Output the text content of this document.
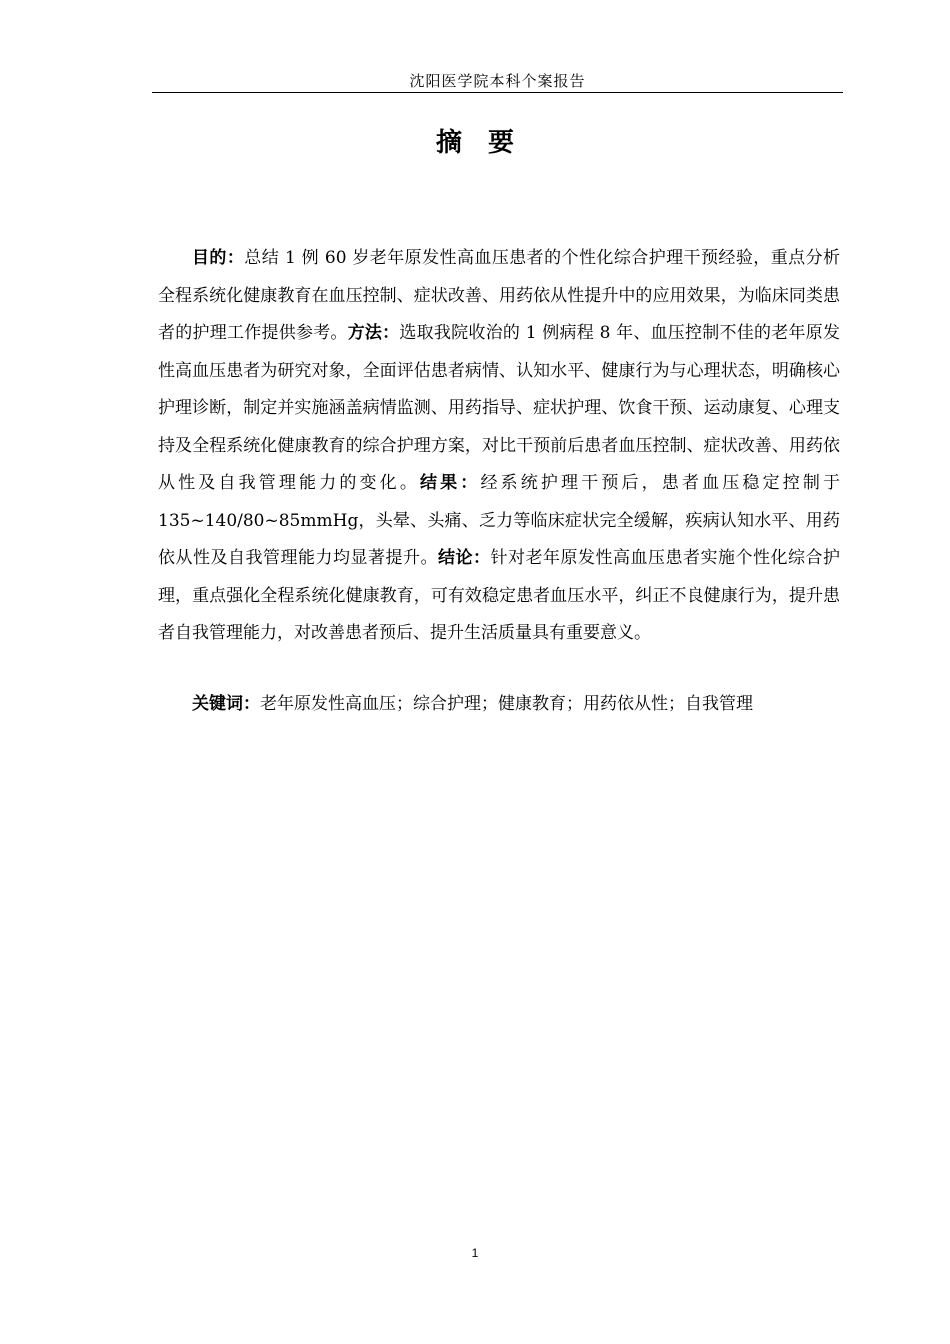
沈阳医学院本科个案报告
摘要

目的：总结 1 例 60 岁老年原发性高血压患者的个性化综合护理干预经验，重点分析全程系统化健康教育在血压控制、症状改善、用药依从性提升中的应用效果，为临床同类患者的护理工作提供参考。方法：选取我院收治的 1 例病程 8 年、血压控制不佳的老年原发性高血压患者为研究对象，全面评估患者病情、认知水平、健康行为与心理状态，明确核心护理诊断，制定并实施涵盖病情监测、用药指导、症状护理、饮食干预、运动康复、心理支持及全程系统化健康教育的综合护理方案，对比干预前后患者血压控制、症状改善、用药依从性及自我管理能力的变化。结果：经系统护理干预后，患者血压稳定控制于 135~140/80~85mmHg，头晕、头痛、乏力等临床症状完全缓解，疾病认知水平、用药依从性及自我管理能力均显著提升。结论：针对老年原发性高血压患者实施个性化综合护理，重点强化全程系统化健康教育，可有效稳定患者血压水平，纠正不良健康行为，提升患者自我管理能力，对改善患者预后、提升生活质量具有重要意义。

关键词：老年原发性高血压；综合护理；健康教育；用药依从性；自我管理

1
